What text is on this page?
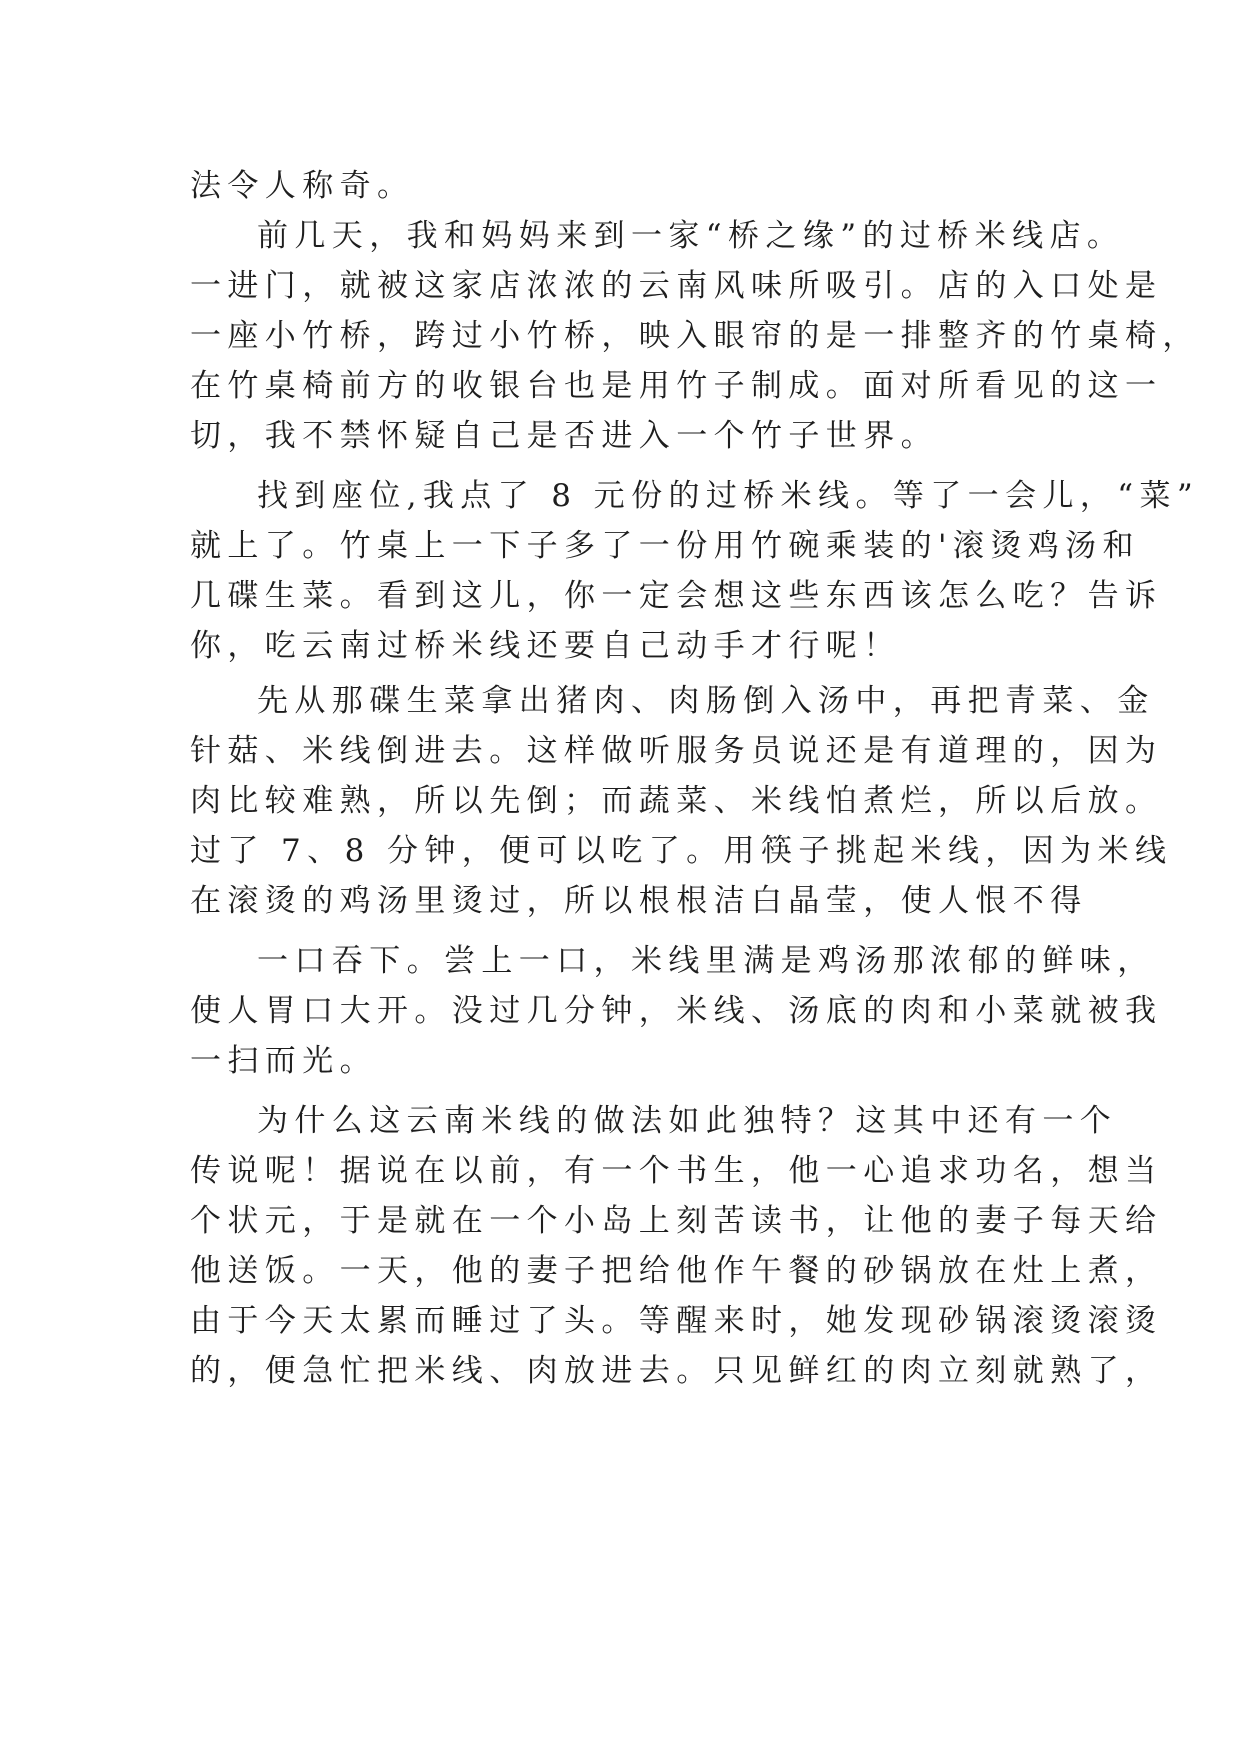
法令人称奇。
前几天，我和妈妈来到一家“桥之缘”的过桥米线店。
一进门，就被这家店浓浓的云南风味所吸引。店的入口处是
一座小竹桥，跨过小竹桥，映入眼帘的是一排整齐的竹桌椅，
在竹桌椅前方的收银台也是用竹子制成。面对所看见的这一
切，我不禁怀疑自己是否进入一个竹子世界。
找到座位,我点了 8 元份的过桥米线。等了一会儿，“菜”
就上了。竹桌上一下子多了一份用竹碗乘装的'滚烫鸡汤和
几碟生菜。看到这儿，你一定会想这些东西该怎么吃？告诉
你，吃云南过桥米线还要自己动手才行呢！
先从那碟生菜拿出猪肉、肉肠倒入汤中，再把青菜、金
针菇、米线倒进去。这样做听服务员说还是有道理的，因为
肉比较难熟，所以先倒；而蔬菜、米线怕煮烂，所以后放。
过了 7、8 分钟，便可以吃了。用筷子挑起米线，因为米线
在滚烫的鸡汤里烫过，所以根根洁白晶莹，使人恨不得
一口吞下。尝上一口，米线里满是鸡汤那浓郁的鲜味，
使人胃口大开。没过几分钟，米线、汤底的肉和小菜就被我
一扫而光。
为什么这云南米线的做法如此独特？这其中还有一个
传说呢！据说在以前，有一个书生，他一心追求功名，想当
个状元，于是就在一个小岛上刻苦读书，让他的妻子每天给
他送饭。一天，他的妻子把给他作午餐的砂锅放在灶上煮，
由于今天太累而睡过了头。等醒来时，她发现砂锅滚烫滚烫
的，便急忙把米线、肉放进去。只见鲜红的肉立刻就熟了，
